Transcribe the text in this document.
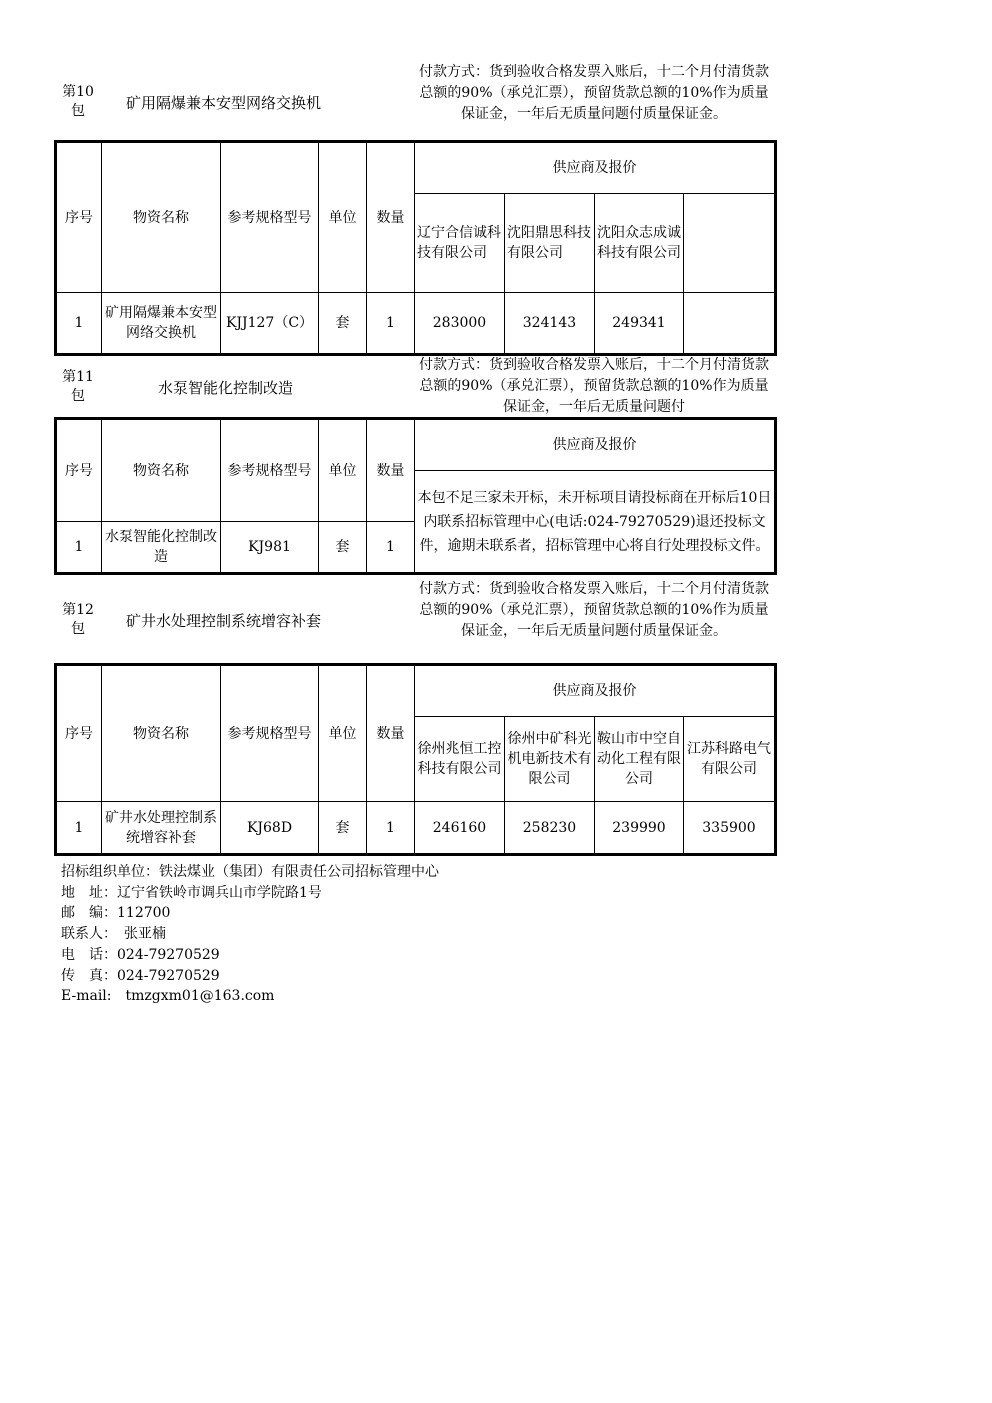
第10
包	矿用隔爆兼本安型网络交换机
付款方式：货到验收合格发票入账后，十二个月付清货款总额的90%（承兑汇票），预留货款总额的10%作为质量保证金，一年后无质量问题付质量保证金。
序号	物资名称	参考规格型号	单位	数量	供应商及报价			
					辽宁合信诚科技有限公司	沈阳鼎思科技有限公司	沈阳众志成诚科技有限公司	
1	矿用隔爆兼本安型网络交换机	KJJ127（C）	套	1	283000	324143	249341	
第11
包	水泵智能化控制改造
付款方式：货到验收合格发票入账后，十二个月付清货款总额的90%（承兑汇票），预留货款总额的10%作为质量保证金，一年后无质量问题付
序号	物资名称	参考规格型号	单位	数量	供应商及报价
					本包不足三家未开标，未开标项目请投标商在开标后10日内联系招标管理中心(电话:024-79270529)退还投标文件，逾期未联系者，招标管理中心将自行处理投标文件。
1	水泵智能化控制改造	KJ981	套	1	
第12
包	矿井水处理控制系统增容补套
付款方式：货到验收合格发票入账后，十二个月付清货款总额的90%（承兑汇票），预留货款总额的10%作为质量保证金，一年后无质量问题付质量保证金。
序号	物资名称	参考规格型号	单位	数量	供应商及报价			
					徐州兆恒工控科技有限公司	徐州中矿科光机电新技术有限公司	鞍山市中空自动化工程有限公司	江苏科路电气有限公司
1	矿井水处理控制系统增容补套	KJ68D	套	1	246160	258230	239990	335900
招标组织单位：铁法煤业（集团）有限责任公司招标管理中心
地　址：辽宁省铁岭市调兵山市学院路1号
邮　编：112700
联系人：　张亚楠
电　话：024-79270529
传　真：024-79270529
E-mail:　tmzgxm01@163.com
